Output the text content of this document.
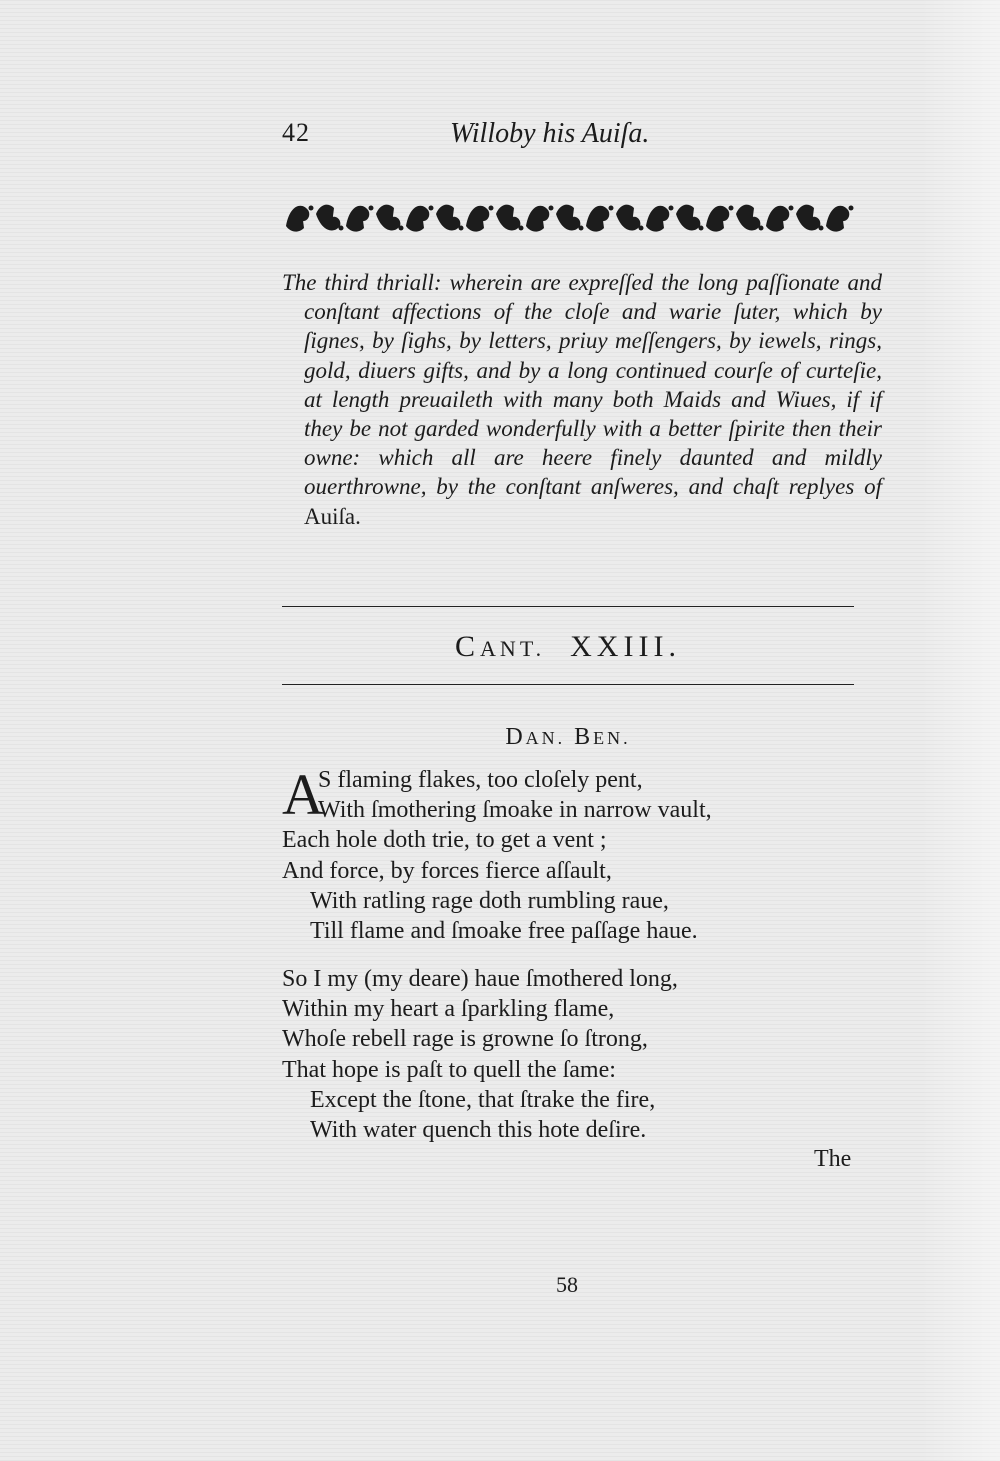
42	Willoby his Auiſa.
The third thriall: wherein are expreſſed the long paſſionate and conſtant affections of the cloſe and warie ſuter, which by ſignes, by ſighs, by letters, priuy meſſengers, by iewels, rings, gold, diuers gifts, and by a long continued courſe of curteſie, at length preuaileth with many both Maids and Wiues, if if they be not garded wonderfully with a better ſpirite then their owne: which all are heere finely daunted and mildly ouerthrowne, by the conſtant anſweres, and chaſt replyes of Auiſa.
CANT. XXIII.
DAN. BEN.
A
S flaming flakes, too cloſely pent,
With ſmothering ſmoake in narrow vault,
Each hole doth trie, to get a vent ;
And force, by forces fierce aſſault,
With ratling rage doth rumbling raue,
Till flame and ſmoake free paſſage haue.
So I my (my deare) haue ſmothered long,
Within my heart a ſparkling flame,
Whoſe rebell rage is growne ſo ſtrong,
That hope is paſt to quell the ſame:
Except the ſtone, that ſtrake the fire,
With water quench this hote deſire.
The
58
